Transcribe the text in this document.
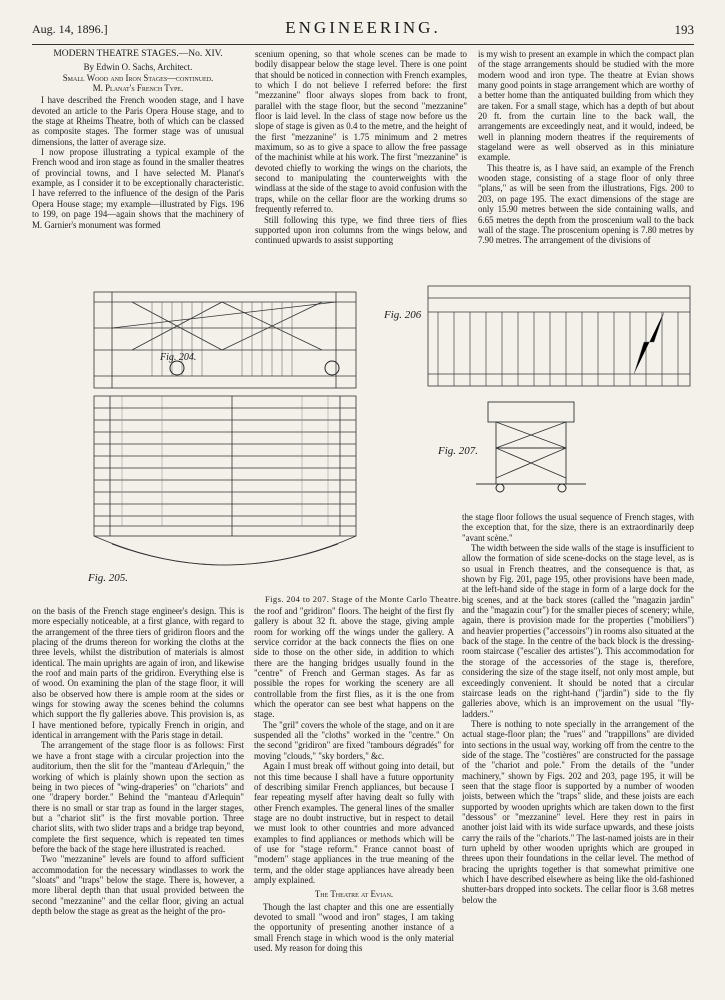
Aug. 14, 1896.]	ENGINEERING.	193

MODERN THEATRE STAGES.—No. XIV.

By Edwin O. Sachs, Architect.

Small Wood and Iron Stages—continued.

M. Planat's French Type.

I have described the French wooden stage, and I have devoted an article to the Paris Opera House stage, and to the stage at Rheims Theatre, both of which can be classed as composite stages. The former stage was of unusual dimensions, the latter of average size.

I now propose illustrating a typical example of the French wood and iron stage as found in the smaller theatres of provincial towns, and I have selected M. Planat's example, as I consider it to be exceptionally characteristic. I have referred to the influence of the design of the Paris Opera House stage; my example—illustrated by Figs. 196 to 199, on page 194—again shows that the machinery of M. Garnier's monument was formed

scenium opening, so that whole scenes can be made to bodily disappear below the stage level. There is one point that should be noticed in connection with French examples, to which I do not believe I referred before: the first "mezzanine" floor always slopes from back to front, parallel with the stage floor, but the second "mezzanine" floor is laid level. In the class of stage now before us the slope of stage is given as 0.4 to the metre, and the height of the first "mezzanine" is 1.75 minimum and 2 metres maximum, so as to give a space to allow the free passage of the machinist while at his work. The first "mezzanine" is devoted chiefly to working the wings on the chariots, the second to manipulating the counterweights with the windlass at the side of the stage to avoid confusion with the traps, while on the cellar floor are the working drums so frequently referred to.

Still following this type, we find three tiers of flies supported upon iron columns from the wings below, and continued upwards to assist supporting

is my wish to present an example in which the compact plan of the stage arrangements should be studied with the more modern wood and iron type. The theatre at Evian shows many good points in stage arrangement which are worthy of a better home than the antiquated building from which they are taken. For a small stage, which has a depth of but about 20 ft. from the curtain line to the back wall, the arrangements are exceedingly neat, and it would, indeed, be well in planning modern theatres if the requirements of stageland were as well observed as in this miniature example.

This theatre is, as I have said, an example of the French wooden stage, consisting of a stage floor of only three "plans," as will be seen from the illustrations, Figs. 200 to 203, on page 195. The exact dimensions of the stage are only 15.90 metres between the side containing walls, and 6.65 metres the depth from the proscenium wall to the back wall of the stage. The proscenium opening is 7.80 metres by 7.90 metres. The arrangement of the divisions of

Fig. 204.
Fig. 205.
Fig. 206
Fig. 207.
Figs. 204 to 207. Stage of the Monte Carlo Theatre.

the stage floor follows the usual sequence of French stages, with the exception that, for the size, there is an extraordinarily deep "avant scène."

The width between the side walls of the stage is insufficient to allow the formation of side scene-docks on the stage level, as is so usual in French theatres, and the consequence is that, as shown by Fig. 201, page 195, other provisions have been made, at the left-hand side of the stage in form of a large dock for the big scenes, and at the back stores (called the "magazin jardin" and the "magazin cour") for the smaller pieces of scenery; while, again, there is provision made for the properties ("mobiliers") and heavier properties ("accessoirs") in rooms also situated at the back of the stage. In the centre of the back block is the dressing-room staircase ("escalier des artistes"). This accommodation for the storage of the accessories of the stage is, therefore, considering the size of the stage itself, not only most ample, but exceedingly convenient. It should be noted that a circular staircase leads on the right-hand ("jardin") side to the fly galleries above, which is an improvement on the usual "fly-ladders."

There is nothing to note specially in the arrangement of the actual stage-floor plan; the "rues" and "trappillons" are divided into sections in the usual way, working off from the centre to the side of the stage. The "costières" are constructed for the passage of the "chariot and pole." From the details of the "under machinery," shown by Figs. 202 and 203, page 195, it will be seen that the stage floor is supported by a number of wooden joists, between which the "traps" slide, and these joists are each supported by wooden uprights which are taken down to the first "dessous" or "mezzanine" level. Here they rest in pairs in another joist laid with its wide surface upwards, and these joists carry the rails of the "chariots." The last-named joists are in their turn upheld by other wooden uprights which are grouped in threes upon their foundations in the cellar level. The method of bracing the uprights together is that somewhat primitive one which I have described elsewhere as being like the old-fashioned shutter-bars dropped into sockets. The cellar floor is 3.68 metres below the

on the basis of the French stage engineer's design. This is more especially noticeable, at a first glance, with regard to the arrangement of the three tiers of gridiron floors and the placing of the drums thereon for working the cloths at the three levels, whilst the distribution of materials is almost identical. The main uprights are again of iron, and likewise the roof and main parts of the gridiron. Everything else is of wood. On examining the plan of the stage floor, it will also be observed how there is ample room at the sides or wings for stowing away the scenes behind the columns which support the fly galleries above. This provision is, as I have mentioned before, typically French in origin, and identical in arrangement with the Paris stage in detail.

The arrangement of the stage floor is as follows: First we have a front stage with a circular projection into the auditorium, then the slit for the "manteau d'Arlequin," the working of which is plainly shown upon the section as being in two pieces of "wing-draperies" on "chariots" and one "drapery border." Behind the "manteau d'Arlequin" there is no small or star trap as found in the larger stages, but a "chariot slit" is the first movable portion. Three chariot slits, with two slider traps and a bridge trap beyond, complete the first sequence, which is repeated ten times before the back of the stage here illustrated is reached.

Two "mezzanine" levels are found to afford sufficient accommodation for the necessary windlasses to work the "sloats" and "traps" below the stage. There is, however, a more liberal depth than that usual provided between the second "mezzanine" and the cellar floor, giving an actual depth below the stage as great as the height of the pro-

the roof and "gridiron" floors. The height of the first fly gallery is about 32 ft. above the stage, giving ample room for working off the wings under the gallery. A service corridor at the back connects the flies on one side to those on the other side, in addition to which there are the hanging bridges usually found in the "centre" of French and German stages. As far as possible the ropes for working the scenery are all controllable from the first flies, as it is the one from which the operator can see best what happens on the stage.

The "gril" covers the whole of the stage, and on it are suspended all the "cloths" worked in the "centre." On the second "gridiron" are fixed "tambours dégradés" for moving "clouds," "sky borders," &c.

Again I must break off without going into detail, but not this time because I shall have a future opportunity of describing similar French appliances, but because I fear repeating myself after having dealt so fully with other French examples. The general lines of the smaller stage are no doubt instructive, but in respect to detail we must look to other countries and more advanced examples to find appliances or methods which will be of use for "stage reform." France cannot boast of "modern" stage appliances in the true meaning of the term, and the older stage appliances have already been amply explained.

The Theatre at Evian.

Though the last chapter and this one are essentially devoted to small "wood and iron" stages, I am taking the opportunity of presenting another instance of a small French stage in which wood is the only material used. My reason for doing this
